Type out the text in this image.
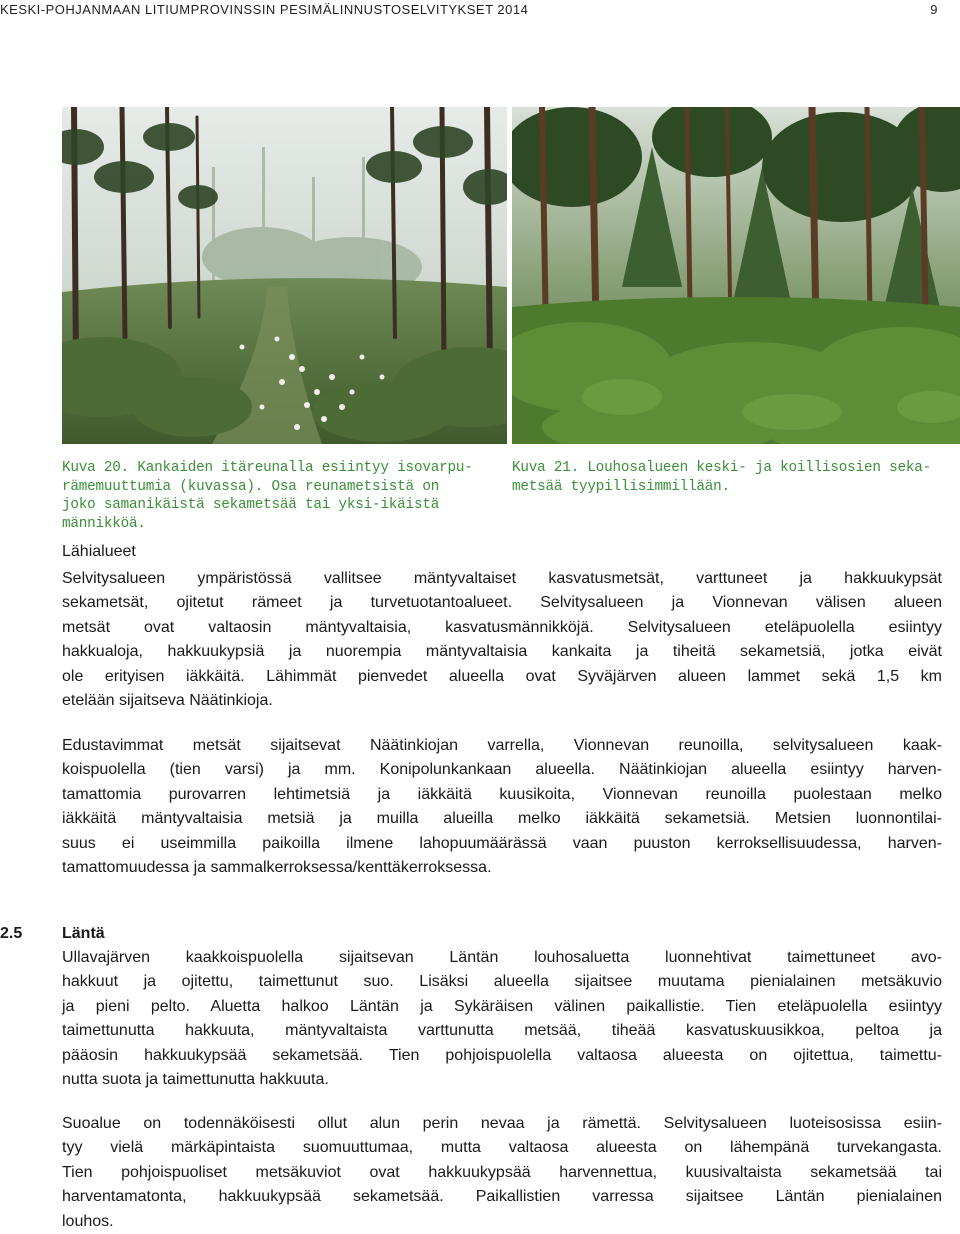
KESKI-POHJANMAAN LITIUMPROVINSSIN PESIMÄLINNUSTOSELVITYKSET 2014	9

Kuva 20. Kankaiden itäreunalla esiintyy isovarpu-

rämemuuttumia (kuvassa). Osa reunametsistä on

joko samanikäistä sekametsää tai yksi-ikäistä

männikköä.

Kuva 21. Louhosalueen keski- ja koillisosien seka-

metsää tyypillisimmillään.

Lähialueet
Selvitysalueen ympäristössä vallitsee mäntyvaltaiset kasvatusmetsät, varttuneet ja hakkuukypsät
sekametsät, ojitetut rämeet ja turvetuotantoalueet. Selvitysalueen ja Vionnevan välisen alueen
metsät ovat valtaosin mäntyvaltaisia, kasvatusmännikköjä. Selvitysalueen eteläpuolella esiintyy
hakkualoja, hakkuukypsiä ja nuorempia mäntyvaltaisia kankaita ja tiheitä sekametsiä, jotka eivät
ole erityisen iäkkäitä. Lähimmät pienvedet alueella ovat Syväjärven alueen lammet sekä 1,5 km
etelään sijaitseva Näätinkioja.
Edustavimmat metsät sijaitsevat Näätinkiojan varrella, Vionnevan reunoilla, selvitysalueen kaak-
koispuolella (tien varsi) ja mm. Konipolunkankaan alueella. Näätinkiojan alueella esiintyy harven-
tamattomia purovarren lehtimetsiä ja iäkkäitä kuusikoita, Vionnevan reunoilla puolestaan melko
iäkkäitä mäntyvaltaisia metsiä ja muilla alueilla melko iäkkäitä sekametsiä. Metsien luonnontilai-
suus ei useimmilla paikoilla ilmene lahopuumäärässä vaan puuston kerroksellisuudessa, harven-
tamattomuudessa ja sammalkerroksessa/kenttäkerroksessa.
2.5	Läntä
Ullavajärven kaakkoispuolella sijaitsevan Läntän louhosaluetta luonnehtivat taimettuneet avo-
hakkuut ja ojitettu, taimettunut suo. Lisäksi alueella sijaitsee muutama pienialainen metsäkuvio
ja pieni pelto. Aluetta halkoo Läntän ja Sykäräisen välinen paikallistie. Tien eteläpuolella esiintyy
taimettunutta hakkuuta, mäntyvaltaista varttunutta metsää, tiheää kasvatuskuusikkoa, peltoa ja
pääosin hakkuukypsää sekametsää. Tien pohjoispuolella valtaosa alueesta on ojitettua, taimettu-
nutta suota ja taimettunutta hakkuuta.
Suoalue on todennäköisesti ollut alun perin nevaa ja rämettä. Selvitysalueen luoteisosissa esiin-
tyy vielä märkäpintaista suomuuttumaa, mutta valtaosa alueesta on lähempänä turvekangasta.
Tien pohjoispuoliset metsäkuviot ovat hakkuukypsää harvennettua, kuusivaltaista sekametsää tai
harventamatonta, hakkuukypsää sekametsää. Paikallistien varressa sijaitsee Läntän pienialainen
louhos.
